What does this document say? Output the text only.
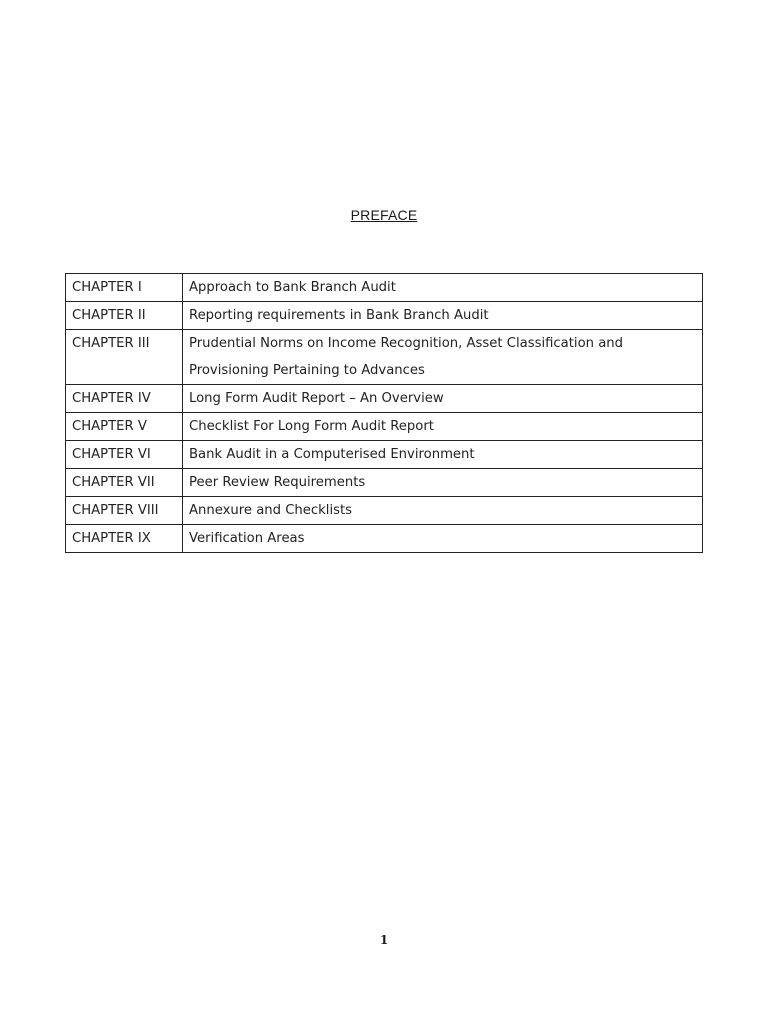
PREFACE
CHAPTER I	Approach to Bank Branch Audit
CHAPTER II	Reporting requirements in Bank Branch Audit
CHAPTER III	Prudential Norms on Income Recognition, Asset Classification and Provisioning Pertaining to Advances
CHAPTER IV	Long Form Audit Report – An Overview
CHAPTER V	Checklist For Long Form Audit Report
CHAPTER VI	Bank Audit in a Computerised Environment
CHAPTER VII	Peer Review Requirements
CHAPTER VIII	Annexure and Checklists
CHAPTER IX	Verification Areas
1
